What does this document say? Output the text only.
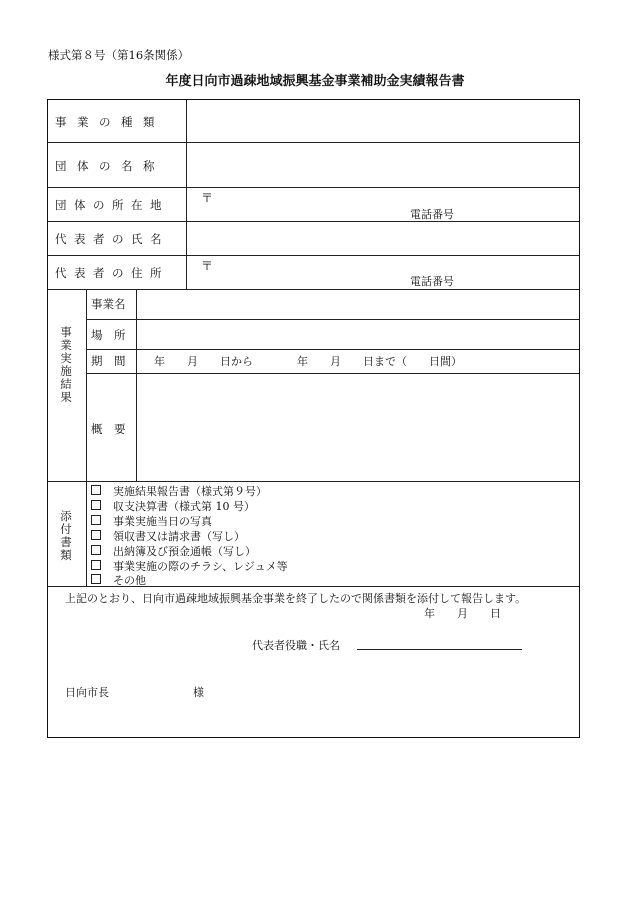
様式第８号（第16条関係）
年度日向市過疎地域振興基金事業補助金実績報告書
事業の種類
団体の名称
団体の所在地
代表者の氏名
代表者の住所
〒
電話番号
〒
電話番号
事
業
実
施
結
果
事業名
場　所
期　間	年　　月　　日から　　　　年　　月　　日まで（　　日間）
概　要
添
付
書
類
実施結果報告書（様式第９号）
収支決算書（様式第 10 号）
事業実施当日の写真
領収書又は請求書（写し）
出納簿及び預金通帳（写し）
事業実施の際のチラシ、レジュメ等
その他
上記のとおり、日向市過疎地域振興基金事業を終了したので関係書類を添付して報告します。
年　　月　　日
代表者役職・氏名
日向市長	様
